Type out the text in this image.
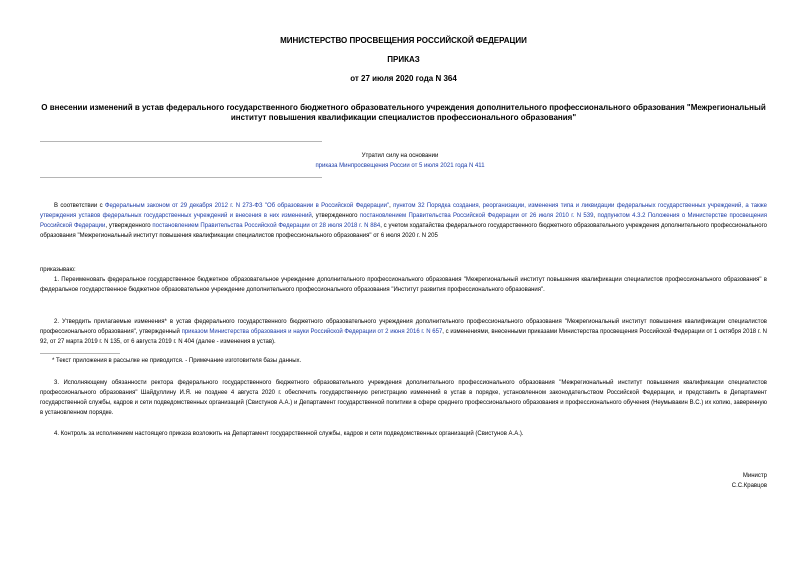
МИНИСТЕРСТВО ПРОСВЕЩЕНИЯ РОССИЙСКОЙ ФЕДЕРАЦИИ
ПРИКАЗ
от 27 июля 2020 года N 364
О внесении изменений в устав федерального государственного бюджетного образовательного учреждения дополнительного профессионального образования "Межрегиональный институт повышения квалификации специалистов профессионального образования"
Утратил силу на основании
приказа Минпросвещения России от 5 июля 2021 года N 411
В соответствии с Федеральным законом от 29 декабря 2012 г. N 273-ФЗ "Об образовании в Российской Федерации", пунктом 32 Порядка создания, реорганизации, изменения типа и ликвидации федеральных государственных учреждений, а также утверждения уставов федеральных государственных учреждений и внесения в них изменений, утвержденного постановлением Правительства Российской Федерации от 26 июля 2010 г. N 539, подпунктом 4.3.2 Положения о Министерстве просвещения Российской Федерации, утвержденного постановлением Правительства Российской Федерации от 28 июля 2018 г. N 884, с учетом ходатайства федерального государственного бюджетного образовательного учреждения дополнительного профессионального образования "Межрегиональный институт повышения квалификации специалистов профессионального образования" от 6 июля 2020 г. N 205
приказываю:
1. Переименовать федеральное государственное бюджетное образовательное учреждение дополнительного профессионального образования "Межрегиональный институт повышения квалификации специалистов профессионального образования" в федеральное государственное бюджетное образовательное учреждение дополнительного профессионального образования "Институт развития профессионального образования".
2. Утвердить прилагаемые изменения* в устав федерального государственного бюджетного образовательного учреждения дополнительного профессионального образования "Межрегиональный институт повышения квалификации специалистов профессионального образования", утвержденный приказом Министерства образования и науки Российской Федерации от 2 июня 2016 г. N 657, с изменениями, внесенными приказами Министерства просвещения Российской Федерации от 1 октября 2018 г. N 92, от 27 марта 2019 г. N 135, от 6 августа 2019 г. N 404 (далее - изменения в устав).
* Текст приложения в рассылке не приводится. - Примечание изготовителя базы данных.
3. Исполняющему обязанности ректора федерального государственного бюджетного образовательного учреждения дополнительного профессионального образования "Межрегиональный институт повышения квалификации специалистов профессионального образования" Шайдуллину И.Я. не позднее 4 августа 2020 г. обеспечить государственную регистрацию изменений в устав в порядке, установленном законодательством Российской Федерации, и представить в Департамент государственной службы, кадров и сети подведомственных организаций (Свистунов А.А.) и Департамент государственной политики в сфере среднего профессионального образования и профессионального обучения (Неумывакин В.С.) их копию, заверенную в установленном порядке.
4. Контроль за исполнением настоящего приказа возложить на Департамент государственной службы, кадров и сети подведомственных организаций (Свистунов А.А.).
Министр
С.С.Кравцов
